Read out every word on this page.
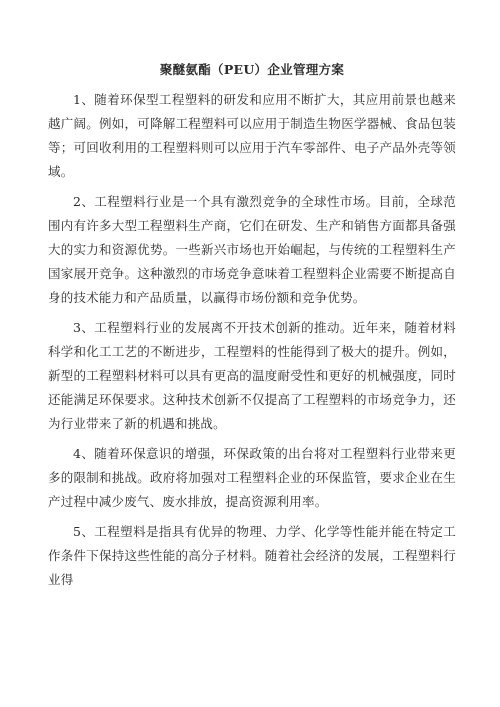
聚醚氨酯（PEU）企业管理方案

1、随着环保型工程塑料的研发和应用不断扩大，其应用前景也越来越广阔。例如，可降解工程塑料可以应用于制造生物医学器械、食品包装等；可回收利用的工程塑料则可以应用于汽车零部件、电子产品外壳等领域。

2、工程塑料行业是一个具有激烈竞争的全球性市场。目前，全球范围内有许多大型工程塑料生产商，它们在研发、生产和销售方面都具备强大的实力和资源优势。一些新兴市场也开始崛起，与传统的工程塑料生产国家展开竞争。这种激烈的市场竞争意味着工程塑料企业需要不断提高自身的技术能力和产品质量，以赢得市场份额和竞争优势。

3、工程塑料行业的发展离不开技术创新的推动。近年来，随着材料科学和化工工艺的不断进步，工程塑料的性能得到了极大的提升。例如，新型的工程塑料材料可以具有更高的温度耐受性和更好的机械强度，同时还能满足环保要求。这种技术创新不仅提高了工程塑料的市场竞争力，还为行业带来了新的机遇和挑战。

4、随着环保意识的增强，环保政策的出台将对工程塑料行业带来更多的限制和挑战。政府将加强对工程塑料企业的环保监管，要求企业在生产过程中减少废气、废水排放，提高资源利用率。

5、工程塑料是指具有优异的物理、力学、化学等性能并能在特定工作条件下保持这些性能的高分子材料。随着社会经济的发展，工程塑料行业得
